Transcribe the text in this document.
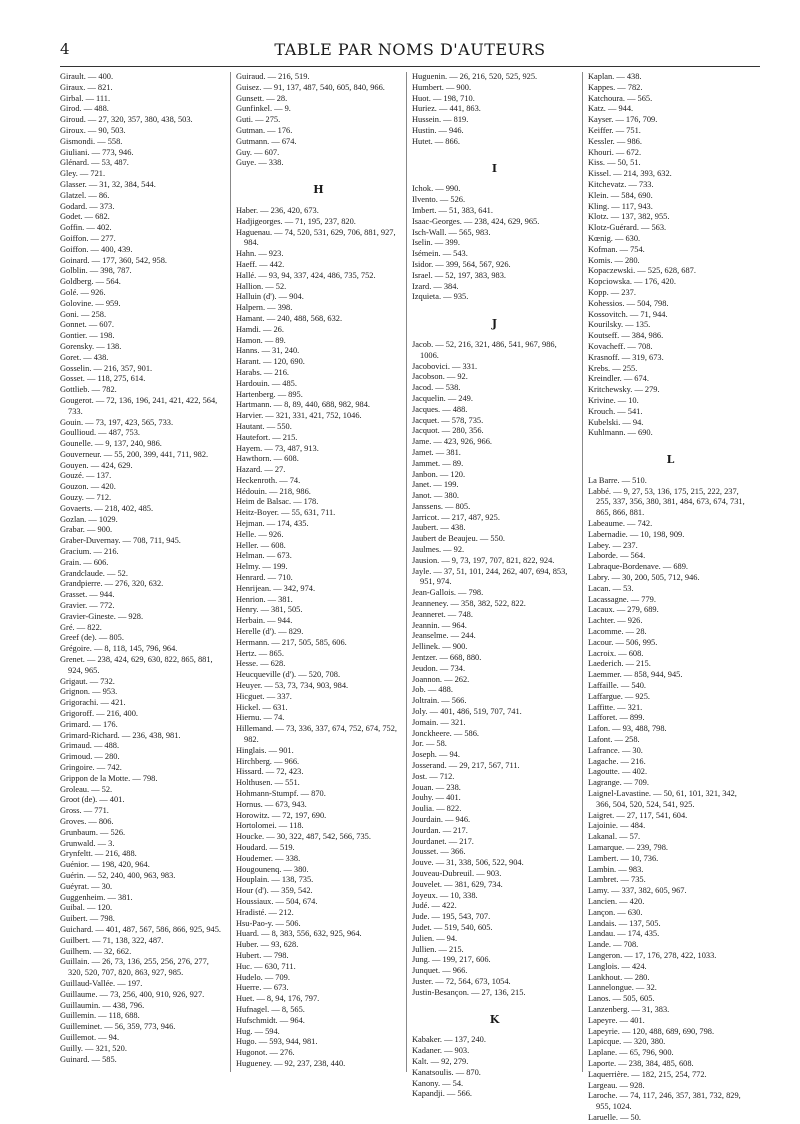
4	TABLE PAR NOMS D'AUTEURS
Girault. — 400.
Giraux. — 821.
Girbal. — 111.
Girod. — 488.
Giroud. — 27, 320, 357, 380, 438, 503.
Giroux. — 90, 503.
Gismondi. — 558.
Giuliani. — 773, 946.
Glénard. — 53, 487.
Gley. — 721.
Glasser. — 31, 32, 384, 544.
Glatzel. — 86.
Godard. — 373.
Godet. — 682.
Goffin. — 402.
Goiffon. — 277.
Goiffon. — 400, 439.
Goinard. — 177, 360, 542, 958.
Golblin. — 398, 787.
Goldberg. — 564.
Golé. — 926.
Golovine. — 959.
Goni. — 258.
Gonnet. — 607.
Gontier. — 198.
Gorensky. — 138.
Goret. — 438.
Gosselin. — 216, 357, 901.
Gosset. — 118, 275, 614.
Gottlieb. — 782.
Gougerot. — 72, 136, 196, 241, 421, 422, 564, 733.
Gouin. — 73, 197, 423, 565, 733.
Goullioud. — 487, 753.
Gounelle. — 9, 137, 240, 986.
Gouverneur. — 55, 200, 399, 441, 711, 982.
Gouyen. — 424, 629.
Gouzé. — 137.
Gouzon. — 420.
Gouzy. — 712.
Govaerts. — 218, 402, 485.
Gozlan. — 1029.
Grabar. — 900.
Graber-Duvernay. — 708, 711, 945.
Gracium. — 216.
Grain. — 606.
Grandclaude. — 52.
Grandpierre. — 276, 320, 632.
Grasset. — 944.
Gravier. — 772.
Gravier-Gineste. — 928.
Gré. — 822.
Greef (de). — 805.
Grégoire. — 8, 118, 145, 796, 964.
Grenet. — 238, 424, 629, 630, 822, 865, 881, 924, 965.
Grigaut. — 732.
Grignon. — 953.
Grigorachi. — 421.
Grigoroff. — 216, 400.
Grimard. — 176.
Grimard-Richard. — 236, 438, 981.
Grimaud. — 488.
Grimoud. — 280.
Gringoire. — 742.
Grippon de la Motte. — 798.
Groleau. — 52.
Groot (de). — 401.
Gross. — 771.
Groves. — 806.
Grunbaum. — 526.
Grunwald. — 3.
Grynfeltt. — 216, 488.
Guénior. — 198, 420, 964.
Guérin. — 52, 240, 400, 963, 983.
Guéyrat. — 30.
Guggenheim. — 381.
Guibal. — 120.
Guibert. — 798.
Guichard. — 401, 487, 567, 586, 866, 925, 945.
Guilbert. — 71, 138, 322, 487.
Guilhem. — 32, 662.
Guillain. — 26, 73, 136, 255, 256, 276, 277, 320, 520, 707, 820, 863, 927, 985.
Guillaud-Vallée. — 197.
Guillaume. — 73, 256, 400, 910, 926, 927.
Guillaumin. — 438, 796.
Guillemin. — 118, 688.
Guilleminet. — 56, 359, 773, 946.
Guillemot. — 94.
Guilly. — 321, 520.
Guinard. — 585.
Guiraud. — 216, 519.
Guisez. — 91, 137, 487, 540, 605, 840, 966.
Gunsett. — 28.
Gunfinkel. — 9.
Guti. — 275.
Gutman. — 176.
Gutmann. — 674.
Guy. — 607.
Guye. — 338.
H
Haber. — 236, 420, 673.
Hadjigeorges. — 71, 195, 237, 820.
Haguenau. — 74, 520, 531, 629, 706, 881, 927, 984.
Hahn. — 923.
Haeff. — 442.
Hallé. — 93, 94, 337, 424, 486, 735, 752.
Hallion. — 52.
Halluin (d'). — 904.
Halpern. — 398.
Hamant. — 240, 488, 568, 632.
Hamdi. — 26.
Hamon. — 89.
Hanns. — 31, 240.
Harant. — 120, 690.
Harabs. — 216.
Hardouin. — 485.
Hartenberg. — 895.
Hartmann. — 8, 89, 440, 688, 982, 984.
Harvier. — 321, 331, 421, 752, 1046.
Hautant. — 550.
Hautefort. — 215.
Hayem. — 73, 487, 913.
Hawthorn. — 608.
Hazard. — 27.
Heckenroth. — 74.
Hédouin. — 218, 986.
Heim de Balsac. — 178.
Heitz-Boyer. — 55, 631, 711.
Hejman. — 174, 435.
Helle. — 926.
Heller. — 608.
Helman. — 673.
Helmy. — 199.
Henrard. — 710.
Henrijean. — 342, 974.
Henrion. — 381.
Henry. — 381, 505.
Herbain. — 944.
Herelle (d'). — 829.
Hermann. — 217, 505, 585, 606.
Hertz. — 865.
Hesse. — 628.
Heucqueville (d'). — 520, 708.
Heuyer. — 53, 73, 734, 903, 984.
Hicguet. — 337.
Hickel. — 631.
Hiernu. — 74.
Hillemand. — 73, 336, 337, 674, 752, 674, 752, 982.
Hinglais. — 901.
Hirchberg. — 966.
Hissard. — 72, 423.
Holthusen. — 551.
Hohmann-Stumpf. — 870.
Hornus. — 673, 943.
Horowitz. — 72, 197, 690.
Hortolomei. — 118.
Houcke. — 30, 322, 487, 542, 566, 735.
Houdard. — 519.
Houdemer. — 338.
Hougounenq. — 380.
Houplain. — 138, 735.
Hour (d'). — 359, 542.
Houssiaux. — 504, 674.
Hradisté. — 212.
Hsu-Pao-y. — 506.
Huard. — 8, 383, 556, 632, 925, 964.
Huber. — 93, 628.
Hubert. — 798.
Huc. — 630, 711.
Hudelo. — 709.
Huerre. — 673.
Huet. — 8, 94, 176, 797.
Hufnagel. — 8, 565.
Hufschmidt. — 964.
Hug. — 594.
Hugo. — 593, 944, 981.
Hugonot. — 276.
Hugueney. — 92, 237, 238, 440.
Huguenin. — 26, 216, 520, 525, 925.
Humbert. — 900.
Huot. — 198, 710.
Huriez. — 441, 863.
Hussein. — 819.
Hustin. — 946.
Hutet. — 866.
I
Ichok. — 990.
Ilvento. — 526.
Imbert. — 51, 383, 641.
Isaac-Georges. — 238, 424, 629, 965.
Isch-Wall. — 565, 983.
Iselin. — 399.
Isémein. — 543.
Isidor. — 399, 564, 567, 926.
Israel. — 52, 197, 383, 983.
Izard. — 384.
Izquieta. — 935.
J
Jacob. — 52, 216, 321, 486, 541, 967, 986, 1006.
Jacobovici. — 331.
Jacobson. — 92.
Jacod. — 538.
Jacquelin. — 249.
Jacques. — 488.
Jacquet. — 578, 735.
Jacquot. — 280, 356.
Jame. — 423, 926, 966.
Jamet. — 381.
Jammet. — 89.
Janbon. — 120.
Janet. — 199.
Janot. — 380.
Janssens. — 805.
Jarricot. — 217, 487, 925.
Jaubert. — 438.
Jaubert de Beaujeu. — 550.
Jaulmes. — 92.
Jausion. — 9, 73, 197, 707, 821, 822, 924.
Jayle. — 37, 51, 101, 244, 262, 407, 694, 853, 951, 974.
Jean-Gallois. — 798.
Jeanneney. — 358, 382, 522, 822.
Jeanneret. — 748.
Jeannin. — 964.
Jeanselme. — 244.
Jellinek. — 900.
Jentzer. — 668, 880.
Jeudon. — 734.
Joannon. — 262.
Job. — 488.
Joltrain. — 566.
Joly. — 401, 486, 519, 707, 741.
Jomain. — 321.
Jonckheere. — 586.
Jor. — 58.
Joseph. — 94.
Josserand. — 29, 217, 567, 711.
Jost. — 712.
Jouan. — 238.
Jouhy. — 401.
Joulia. — 822.
Jourdain. — 946.
Jourdan. — 217.
Jourdanet. — 217.
Jousset. — 366.
Jouve. — 31, 338, 506, 522, 904.
Jouveau-Dubreuil. — 903.
Jouvelet. — 381, 629, 734.
Joyeux. — 10, 338.
Judé. — 422.
Jude. — 195, 543, 707.
Judet. — 519, 540, 605.
Julien. — 94.
Jullien. — 215.
Jung. — 199, 217, 606.
Junquet. — 966.
Juster. — 72, 564, 673, 1054.
Justin-Besançon. — 27, 136, 215.
K
Kabaker. — 137, 240.
Kadaner. — 903.
Kalt. — 92, 279.
Kanatsoulis. — 870.
Kanony. — 54.
Kapandji. — 566.
Kaplan. — 438.
Kappes. — 782.
Katchoura. — 565.
Katz. — 944.
Kayser. — 176, 709.
Keiffer. — 751.
Kessler. — 986.
Khouri. — 672.
Kiss. — 50, 51.
Kissel. — 214, 393, 632.
Kitchevatz. — 733.
Klein. — 584, 690.
Kling. — 117, 943.
Klotz. — 137, 382, 955.
Klotz-Guérard. — 563.
Kœnig. — 630.
Kofman. — 754.
Komis. — 280.
Kopaczewski. — 525, 628, 687.
Kopciowska. — 176, 420.
Kopp. — 237.
Kohessios. — 504, 798.
Kossovitch. — 71, 944.
Kourilsky. — 135.
Koutseff. — 384, 986.
Kovacheff. — 708.
Krasnoff. — 319, 673.
Krebs. — 255.
Kreindler. — 674.
Kritchewsky. — 279.
Krivine. — 10.
Krouch. — 541.
Kubelski. — 94.
Kuhlmann. — 690.
L
La Barre. — 510.
Labbé. — 9, 27, 53, 136, 175, 215, 222, 237, 255, 337, 356, 380, 381, 484, 673, 674, 731, 865, 866, 881.
Labeaume. — 742.
Labernadie. — 10, 198, 909.
Labey. — 237.
Laborde. — 564.
Labraque-Bordenave. — 689.
Labry. — 30, 200, 505, 712, 946.
Lacan. — 53.
Lacassagne. — 779.
Lacaux. — 279, 689.
Lachter. — 926.
Lacomme. — 28.
Lacour. — 506, 995.
Lacroix. — 608.
Laederich. — 215.
Laemmer. — 858, 944, 945.
Laffaille. — 540.
Laffargue. — 925.
Laffitte. — 321.
Lafforet. — 899.
Lafon. — 93, 488, 798.
Lafont. — 258.
Lafrance. — 30.
Lagache. — 216.
Lagoutte. — 402.
Lagrange. — 709.
Laignel-Lavastine. — 50, 61, 101, 321, 342, 366, 504, 520, 524, 541, 925.
Laigret. — 27, 117, 541, 604.
Lajoinie. — 484.
Lakanal. — 57.
Lamarque. — 239, 798.
Lambert. — 10, 736.
Lambin. — 983.
Lambret. — 735.
Lamy. — 337, 382, 605, 967.
Lancien. — 420.
Lançon. — 630.
Landais. — 137, 505.
Landau. — 174, 435.
Lande. — 708.
Langeron. — 17, 176, 278, 422, 1033.
Langlois. — 424.
Lankhout. — 280.
Lannelongue. — 32.
Lanos. — 505, 605.
Lanzenberg. — 31, 383.
Lapeyre. — 401.
Lapeyrie. — 120, 488, 689, 690, 798.
Lapicque. — 320, 380.
Laplane. — 65, 796, 900.
Laporte. — 238, 384, 485, 608.
Laquerrière. — 182, 215, 254, 772.
Largeau. — 928.
Laroche. — 74, 117, 246, 357, 381, 732, 829, 955, 1024.
Laruelle. — 50.
